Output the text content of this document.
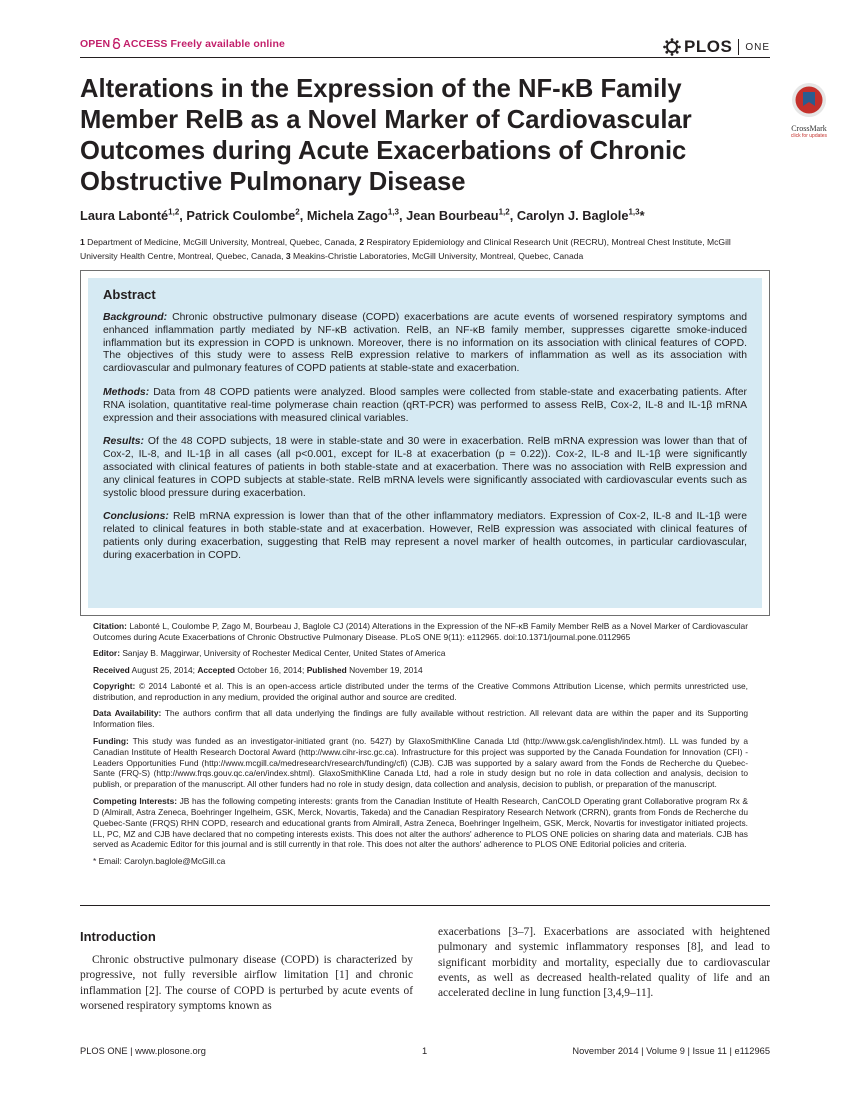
OPEN ACCESS Freely available online	PLOS ONE
Alterations in the Expression of the NF-κB Family Member RelB as a Novel Marker of Cardiovascular Outcomes during Acute Exacerbations of Chronic Obstructive Pulmonary Disease
CrossMark
click for updates
Laura Labonté$^{1,2}$, Patrick Coulombe$^2$, Michela Zago$^{1,3}$, Jean Bourbeau$^{1,2}$, Carolyn J. Baglole$^{1,3}$*
1 Department of Medicine, McGill University, Montreal, Quebec, Canada, 2 Respiratory Epidemiology and Clinical Research Unit (RECRU), Montreal Chest Institute, McGill University Health Centre, Montreal, Quebec, Canada, 3 Meakins-Christie Laboratories, McGill University, Montreal, Quebec, Canada
Abstract

Background: Chronic obstructive pulmonary disease (COPD) exacerbations are acute events of worsened respiratory symptoms and enhanced inflammation partly mediated by NF-κB activation. RelB, an NF-κB family member, suppresses cigarette smoke-induced inflammation but its expression in COPD is unknown. Moreover, there is no information on its association with clinical features of COPD. The objectives of this study were to assess RelB expression relative to markers of inflammation as well as its association with cardiovascular and pulmonary features of COPD patients at stable-state and exacerbation.

Methods: Data from 48 COPD patients were analyzed. Blood samples were collected from stable-state and exacerbating patients. After RNA isolation, quantitative real-time polymerase chain reaction (qRT-PCR) was performed to assess RelB, Cox-2, IL-8 and IL-1β mRNA expression and their associations with measured clinical variables.

Results: Of the 48 COPD subjects, 18 were in stable-state and 30 were in exacerbation. RelB mRNA expression was lower than that of Cox-2, IL-8, and IL-1β in all cases (all p<0.001, except for IL-8 at exacerbation (p = 0.22)). Cox-2, IL-8 and IL-1β were significantly associated with clinical features of patients in both stable-state and at exacerbation. There was no association with RelB expression and any clinical features in COPD subjects at stable-state. RelB mRNA levels were significantly associated with cardiovascular events such as systolic blood pressure during exacerbation.

Conclusions: RelB mRNA expression is lower than that of the other inflammatory mediators. Expression of Cox-2, IL-8 and IL-1β were related to clinical features in both stable-state and at exacerbation. However, RelB expression was associated with clinical features of patients only during exacerbation, suggesting that RelB may represent a novel marker of health outcomes, in particular cardiovascular, during exacerbation in COPD.

Citation: Labonté L, Coulombe P, Zago M, Bourbeau J, Baglole CJ (2014) Alterations in the Expression of the NF-κB Family Member RelB as a Novel Marker of Cardiovascular Outcomes during Acute Exacerbations of Chronic Obstructive Pulmonary Disease. PLoS ONE 9(11): e112965. doi:10.1371/journal.pone.0112965

Editor: Sanjay B. Maggirwar, University of Rochester Medical Center, United States of America

Received August 25, 2014; Accepted October 16, 2014; Published November 19, 2014

Copyright: © 2014 Labonté et al. This is an open-access article distributed under the terms of the Creative Commons Attribution License, which permits unrestricted use, distribution, and reproduction in any medium, provided the original author and source are credited.

Data Availability: The authors confirm that all data underlying the findings are fully available without restriction. All relevant data are within the paper and its Supporting Information files.

Funding: This study was funded as an investigator-initiated grant (no. 5427) by GlaxoSmithKline Canada Ltd (http://www.gsk.ca/english/index.html). LL was funded by a Canadian Institute of Health Research Doctoral Award (http://www.cihr-irsc.gc.ca). Infrastructure for this project was supported by the Canada Foundation for Innovation (CFI) -Leaders Opportunities Fund (http://www.mcgill.ca/medresearch/research/funding/cfi) (CJB). CJB was supported by a salary award from the Fonds de Recherche du Quebec-Sante (FRQ-S) (http://www.frqs.gouv.qc.ca/en/index.shtml). GlaxoSmithKline Canada Ltd, had a role in study design but no role in data collection and analysis, decision to publish, or preparation of the manuscript. All other funders had no role in study design, data collection and analysis, decision to publish, or preparation of the manuscript.

Competing Interests: JB has the following competing interests: grants from the Canadian Institute of Health Research, CanCOLD Operating grant Collaborative program Rx & D (Almirall, Astra Zeneca, Boehringer Ingelheim, GSK, Merck, Novartis, Takeda) and the Canadian Respiratory Research Network (CRRN), grants from Fonds de Recherche du Quebec-Sante (FRQS) RHN COPD, research and educational grants from Almirall, Astra Zeneca, Boehringer Ingelheim, GSK, Merck, Novartis for investigator initiated projects. LL, PC, MZ and CJB have declared that no competing interests exists. This does not alter the authors' adherence to PLOS ONE policies on sharing data and materials. CJB has served as Academic Editor for this journal and is still currently in that role. This does not alter the authors' adherence to PLOS ONE Editorial policies and criteria.

* Email: Carolyn.baglole@McGill.ca

Introduction

Chronic obstructive pulmonary disease (COPD) is characterized by progressive, not fully reversible airflow limitation [1] and chronic inflammation [2]. The course of COPD is perturbed by acute events of worsened respiratory symptoms known as

exacerbations [3–7]. Exacerbations are associated with heightened pulmonary and systemic inflammatory responses [8], and lead to significant morbidity and mortality, especially due to cardiovascular events, as well as decreased health-related quality of life and an accelerated decline in lung function [3,4,9–11].

PLOS ONE | www.plosone.org	1	November 2014 | Volume 9 | Issue 11 | e112965
